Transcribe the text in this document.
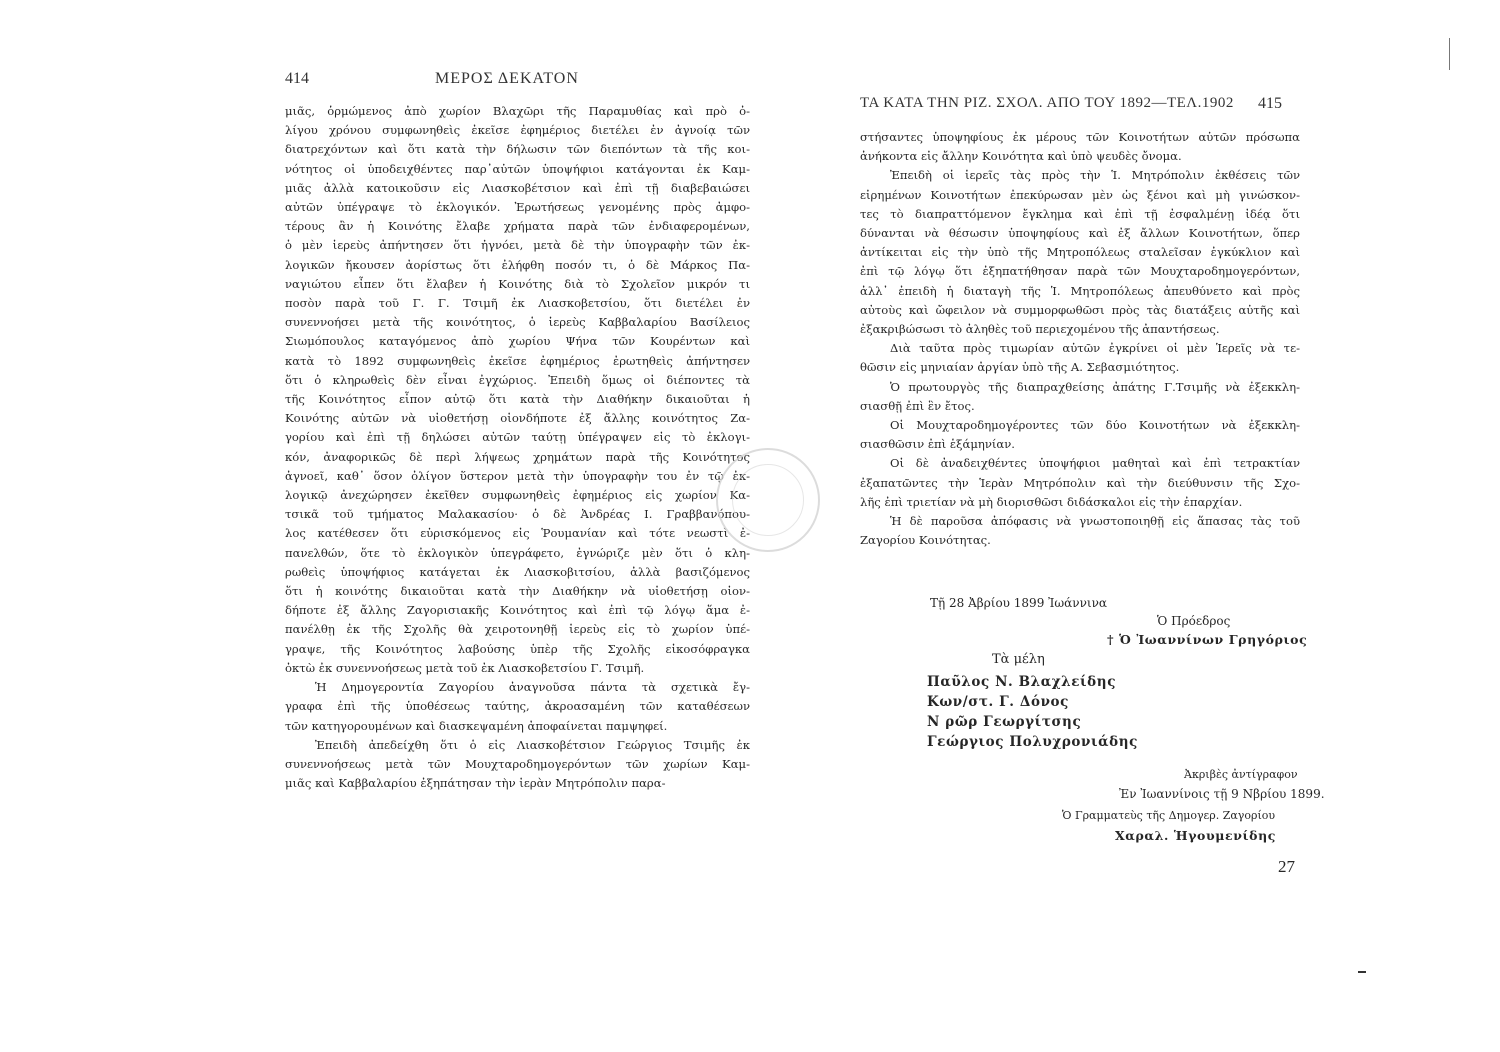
414	ΜΕΡΟΣ ΔΕΚΑΤΟΝ
μιᾶς, ὁρμώμενος ἀπὸ χωρίον Βλαχῶρι τῆς Παραμυθίας καὶ πρὸ ὀ-
λίγου χρόνου συμφωνηθεὶς ἐκεῖσε ἐφημέριος διετέλει ἐν ἀγνοίᾳ τῶν
διατρεχόντων καὶ ὅτι κατὰ τὴν δήλωσιν τῶν διεπόντων τὰ τῆς κοι-
νότητος οἱ ὑποδειχθέντες παρ᾽αὐτῶν ὑποψήφιοι κατάγονται ἐκ Καμ-
μιᾶς ἀλλὰ κατοικοῦσιν εἰς Λιασκοβέτσιον καὶ ἐπὶ τῇ διαβεβαιώσει
αὐτῶν ὑπέγραψε τὸ ἐκλογικόν. Ἐρωτήσεως γενομένης πρὸς ἀμφο-
τέρους ἂν ἡ Κοινότης ἔλαβε χρήματα παρὰ τῶν ἐνδιαφερομένων,
ὁ μὲν ἱερεὺς ἀπήντησεν ὅτι ἠγνόει, μετὰ δὲ τὴν ὑπογραφὴν τῶν ἐκ-
λογικῶν ἤκουσεν ἀορίστως ὅτι ἐλήφθη ποσόν τι, ὁ δὲ Μάρκος Πα-
ναγιώτου εἶπεν ὅτι ἔλαβεν ἡ Κοινότης διὰ τὸ Σχολεῖον μικρόν τι
ποσὸν παρὰ τοῦ Γ. Γ. Τσιμῆ ἐκ Λιασκοβετσίου, ὅτι διετέλει ἐν
συνεννοήσει μετὰ τῆς κοινότητος, ὁ ἱερεὺς Καββαλαρίου Βασίλειος
Σιωμόπουλος καταγόμενος ἀπὸ χωρίου Ψήνα τῶν Κουρέντων καὶ
κατὰ τὸ 1892 συμφωνηθεὶς ἐκεῖσε ἐφημέριος ἐρωτηθεὶς ἀπήντησεν
ὅτι ὁ κληρωθεὶς δὲν εἶναι ἐγχώριος. Ἐπειδὴ ὅμως οἱ διέποντες τὰ
τῆς Κοινότητος εἶπον αὐτῷ ὅτι κατὰ τὴν Διαθήκην δικαιοῦται ἡ
Κοινότης αὐτῶν νὰ υἱοθετήσῃ οἱονδήποτε ἐξ ἄλλης κοινότητος Ζα-
γορίου καὶ ἐπὶ τῇ δηλώσει αὐτῶν ταύτῃ ὑπέγραψεν εἰς τὸ ἐκλογι-
κόν, ἀναφορικῶς δὲ περὶ λήψεως χρημάτων παρὰ τῆς Κοινότητος
ἀγνοεῖ, καθ᾽ ὅσον ὀλίγον ὕστερον μετὰ τὴν ὑπογραφὴν του ἐν τῷ ἐκ-
λογικῷ ἀνεχώρησεν ἐκεῖθεν συμφωνηθεὶς ἐφημέριος εἰς χωρίον Κα-
τσικᾶ τοῦ τμήματος Μαλακασίου· ὁ δὲ Ἀνδρέας Ι. Γραββανόπου-
λος κατέθεσεν ὅτι εὑρισκόμενος εἰς Ῥουμανίαν καὶ τότε νεωστὶ ἐ-
πανελθών, ὅτε τὸ ἐκλογικὸν ὑπεγράφετο, ἐγνώριζε μὲν ὅτι ὁ κλη-
ρωθεὶς ὑποψήφιος κατάγεται ἐκ Λιασκοβιτσίου, ἀλλὰ βασιζόμενος
ὅτι ἡ κοινότης δικαιοῦται κατὰ τὴν Διαθήκην νὰ υἱοθετήσῃ οἱον-
δήποτε ἐξ ἄλλης Ζαγορισιακῆς Κοινότητος καὶ ἐπὶ τῷ λόγῳ ἅμα ἐ-
πανέλθῃ ἐκ τῆς Σχολῆς θὰ χειροτονηθῇ ἱερεὺς εἰς τὸ χωρίον ὑπέ-
γραψε, τῆς Κοινότητος λαβούσης ὑπὲρ τῆς Σχολῆς εἰκοσόφραγκα
ὀκτὼ ἐκ συνεννοήσεως μετὰ τοῦ ἐκ Λιασκοβετσίου Γ. Τσιμῆ.
Ἡ Δημογεροντία Ζαγορίου ἀναγνοῦσα πάντα τὰ σχετικὰ ἔγ-
γραφα ἐπὶ τῆς ὑποθέσεως ταύτης, ἀκροασαμένη τῶν καταθέσεων
τῶν κατηγορουμένων καὶ διασκεψαμένη ἀποφαίνεται παμψηφεί.
Ἐπειδὴ ἀπεδείχθη ὅτι ὁ εἰς Λιασκοβέτσιον Γεώργιος Τσιμῆς ἐκ
συνεννοήσεως μετὰ τῶν Μουχταροδημογερόντων τῶν χωρίων Καμ-
μιᾶς καὶ Καββαλαρίου ἐξηπάτησαν τὴν ἱερὰν Μητρόπολιν παρα-
ΤΑ ΚΑΤΑ ΤΗΝ ΡΙΖ. ΣΧΟΛ. ΑΠΟ ΤΟΥ 1892—ΤΕΛ.1902 415
στήσαντες ὑποψηφίους ἐκ μέρους τῶν Κοινοτήτων αὐτῶν πρόσωπα
ἀνήκοντα εἰς ἄλλην Κοινότητα καὶ ὑπὸ ψευδὲς ὄνομα.
Ἐπειδὴ οἱ ἱερεῖς τὰς πρὸς τὴν Ἱ. Μητρόπολιν ἐκθέσεις τῶν
εἰρημένων Κοινοτήτων ἐπεκύρωσαν μὲν ὡς ξένοι καὶ μὴ γινώσκον-
τες τὸ διαπραττόμενον ἔγκλημα καὶ ἐπὶ τῇ ἐσφαλμένῃ ἰδέᾳ ὅτι
δύνανται νὰ θέσωσιν ὑποψηφίους καὶ ἐξ ἄλλων Κοινοτήτων, ὅπερ
ἀντίκειται εἰς τὴν ὑπὸ τῆς Μητροπόλεως σταλεῖσαν ἐγκύκλιον καὶ
ἐπὶ τῷ λόγῳ ὅτι ἐξηπατήθησαν παρὰ τῶν Μουχταροδημογερόντων,
ἀλλ᾽ ἐπειδὴ ἡ διαταγὴ τῆς Ἱ. Μητροπόλεως ἀπευθύνετο καὶ πρὸς
αὐτοὺς καὶ ὤφειλον νὰ συμμορφωθῶσι πρὸς τὰς διατάξεις αὐτῆς καὶ
ἐξακριβώσωσι τὸ ἀληθὲς τοῦ περιεχομένου τῆς ἀπαντήσεως.
Διὰ ταῦτα πρὸς τιμωρίαν αὐτῶν ἐγκρίνει οἱ μὲν Ἱερεῖς νὰ τε-
θῶσιν εἰς μηνιαίαν ἀργίαν ὑπὸ τῆς Α. Σεβασμιότητος.
Ὁ πρωτουργὸς τῆς διαπραχθείσης ἀπάτης Γ.Τσιμῆς νὰ ἐξεκκλη-
σιασθῇ ἐπὶ ἓν ἔτος.
Οἱ Μουχταροδημογέροντες τῶν δύο Κοινοτήτων νὰ ἐξεκκλη-
σιασθῶσιν ἐπὶ ἑξάμηνίαν.
Οἱ δὲ ἀναδειχθέντες ὑποψήφιοι μαθηταὶ καὶ ἐπὶ τετρακτίαν
ἐξαπατῶντες τὴν Ἱερὰν Μητρόπολιν καὶ τὴν διεύθυνσιν τῆς Σχο-
λῆς ἐπὶ τριετίαν νὰ μὴ διορισθῶσι διδάσκαλοι εἰς τὴν ἐπαρχίαν.
Ἡ δὲ παροῦσα ἀπόφασις νὰ γνωστοποιηθῇ εἰς ἅπασας τὰς τοῦ
Ζαγορίου Κοινότητας.
Τῇ 28 Ἀβρίου 1899 Ἰωάννινα
Ὁ Πρόεδρος
† Ὁ Ἰωαννίνων Γρηγόριος
Τὰ μέλη
Παῦλος Ν. Βλαχλείδης
Κων/στ. Γ. Δόνος
Ν ρῶρ Γεωργίτσης
Γεώργιος Πολυχρονιάδης
Ἀκριβὲς ἀντίγραφον
Ἐν Ἰωαννίνοις τῇ 9 Νβρίου 1899.
Ὁ Γραμματεὺς τῆς Δημογερ. Ζαγορίου
Χαραλ. Ἡγουμενίδης
27
